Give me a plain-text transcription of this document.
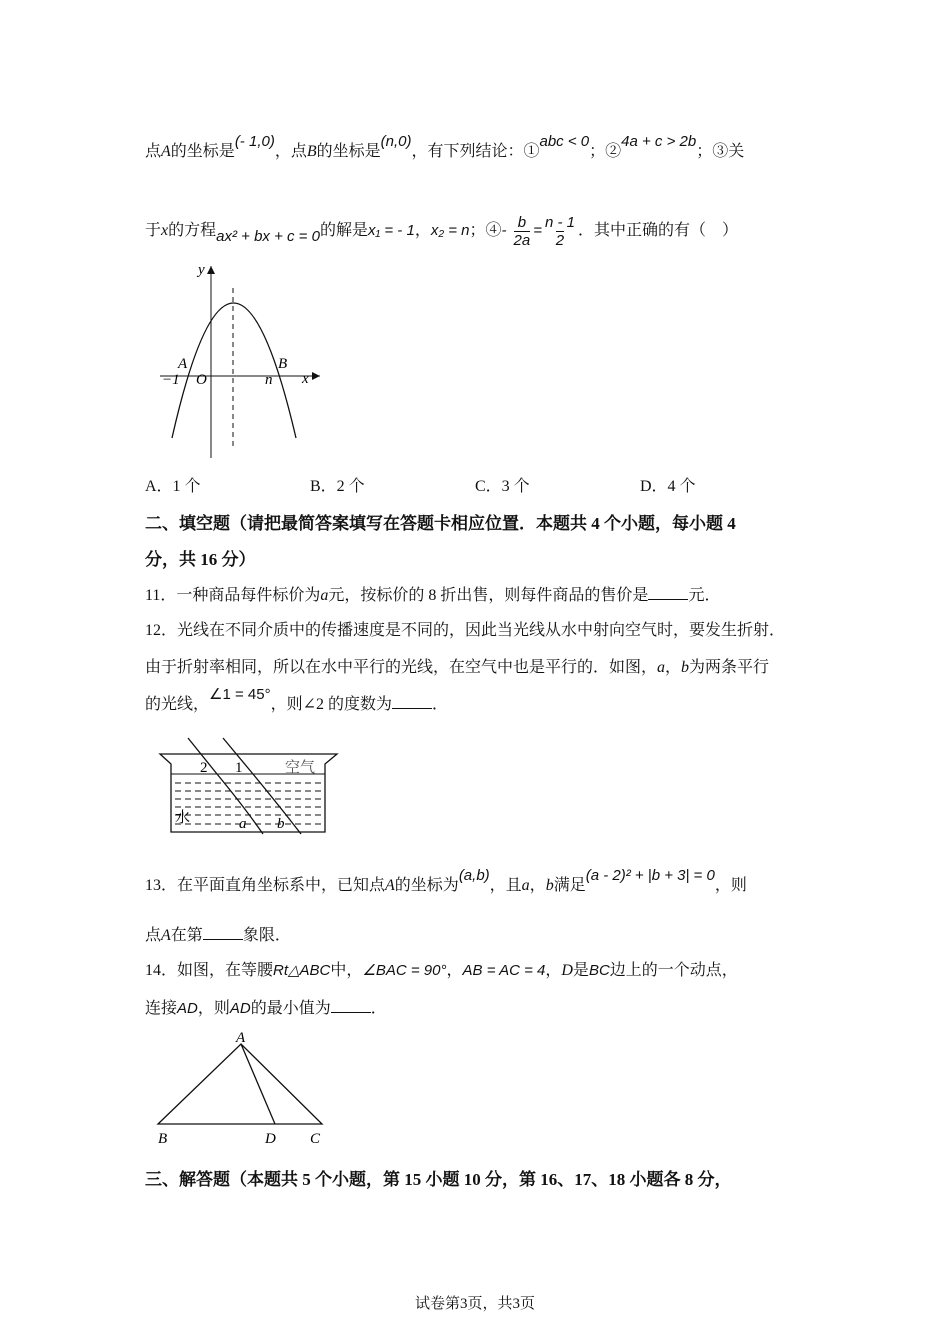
点A的坐标是(- 1,0)，点B的坐标是(n,0)，有下列结论：①abc < 0；②4a + c > 2b；③关
于x的方程ax² + bx + c = 0的解是x₁ = - 1，x₂ = n；④- $\frac{b}{2a} = \frac{n - 1}{2}$ ．其中正确的有（　）
y
x
A	B
−1 O	n
A．1 个	B．2 个	C．3 个	D．4 个
二、填空题（请把最简答案填写在答题卡相应位置．本题共 4 个小题，每小题 4
分，共 16 分）
11．一种商品每件标价为a元，按标价的 8 折出售，则每件商品的售价是	元．
12．光线在不同介质中的传播速度是不同的，因此当光线从水中射向空气时，要发生折射．
由于折射率相同，所以在水中平行的光线，在空气中也是平行的．如图，a，b为两条平行
的光线，∠1 = 45°，则∠2 的度数为	．
2 1	空气
水	a b
13．在平面直角坐标系中，已知点A的坐标为(a,b)，且a，b满足(a - 2)² + |b + 3| = 0，则
点A在第	象限．
14．如图，在等腰Rt△ABC中，∠BAC = 90°，AB = AC = 4，D是BC边上的一个动点，
连接AD，则AD的最小值为	．
A
B	D C
三、解答题（本题共 5 个小题，第 15 小题 10 分，第 16、17、18 小题各 8 分，
试卷第3页，共3页
